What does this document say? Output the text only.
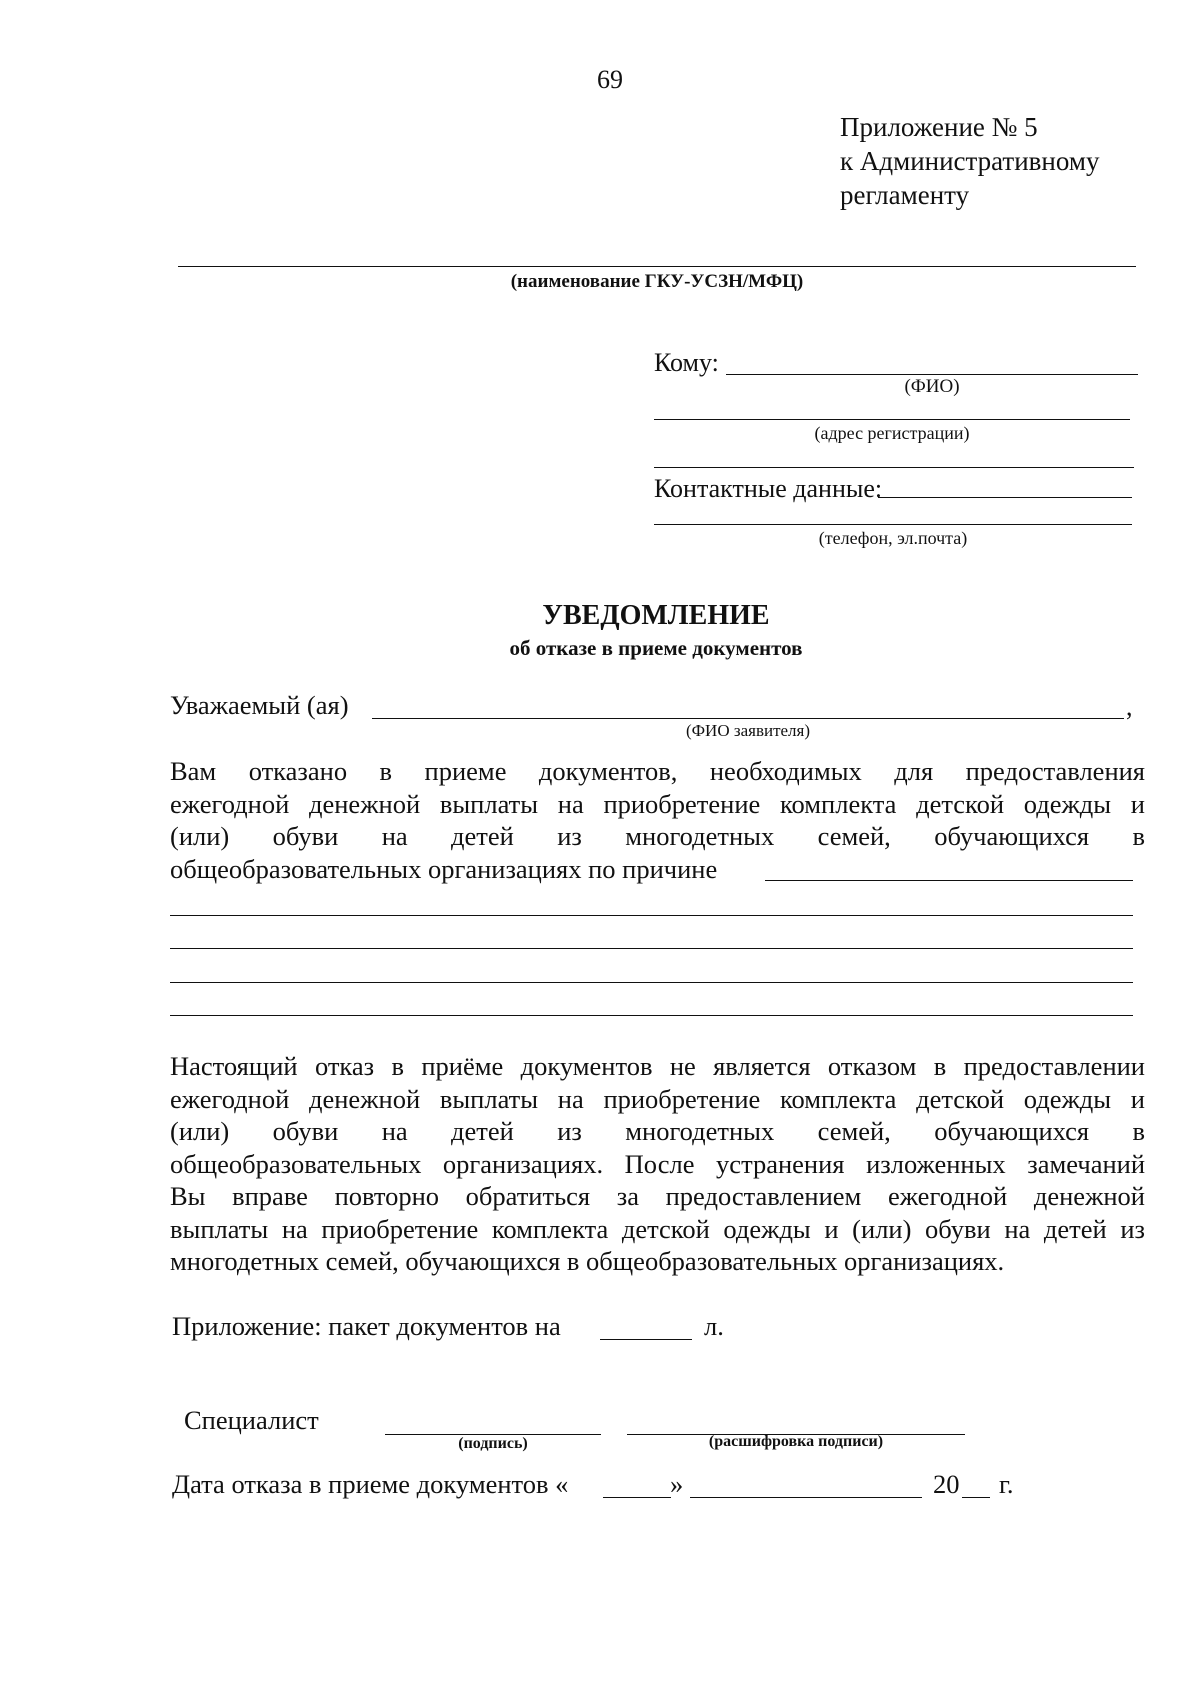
69
Приложение № 5
к Административному
регламенту
(наименование ГКУ-УСЗН/МФЦ)
Кому:
(ФИО)
(адрес регистрации)
Контактные данные:
(телефон, эл.почта)
УВЕДОМЛЕНИЕ
об отказе в приеме документов
Уважаемый (ая)	,
(ФИО заявителя)
Вам отказано в приеме документов, необходимых для предоставления
ежегодной денежной выплаты на приобретение комплекта детской одежды и
(или) обуви на детей из многодетных семей, обучающихся в
общеобразовательных организациях по причине
Настоящий отказ в приёме документов не является отказом в предоставлении
ежегодной денежной выплаты на приобретение комплекта детской одежды и
(или) обуви на детей из многодетных семей, обучающихся в
общеобразовательных организациях. После устранения изложенных замечаний
Вы вправе повторно обратиться за предоставлением ежегодной денежной
выплаты на приобретение комплекта детской одежды и (или) обуви на детей из
многодетных семей, обучающихся в общеобразовательных организациях.
Приложение: пакет документов на	л.
Специалист
(подпись)	(расшифровка подписи)
Дата отказа в приеме документов «	»	20 г.
